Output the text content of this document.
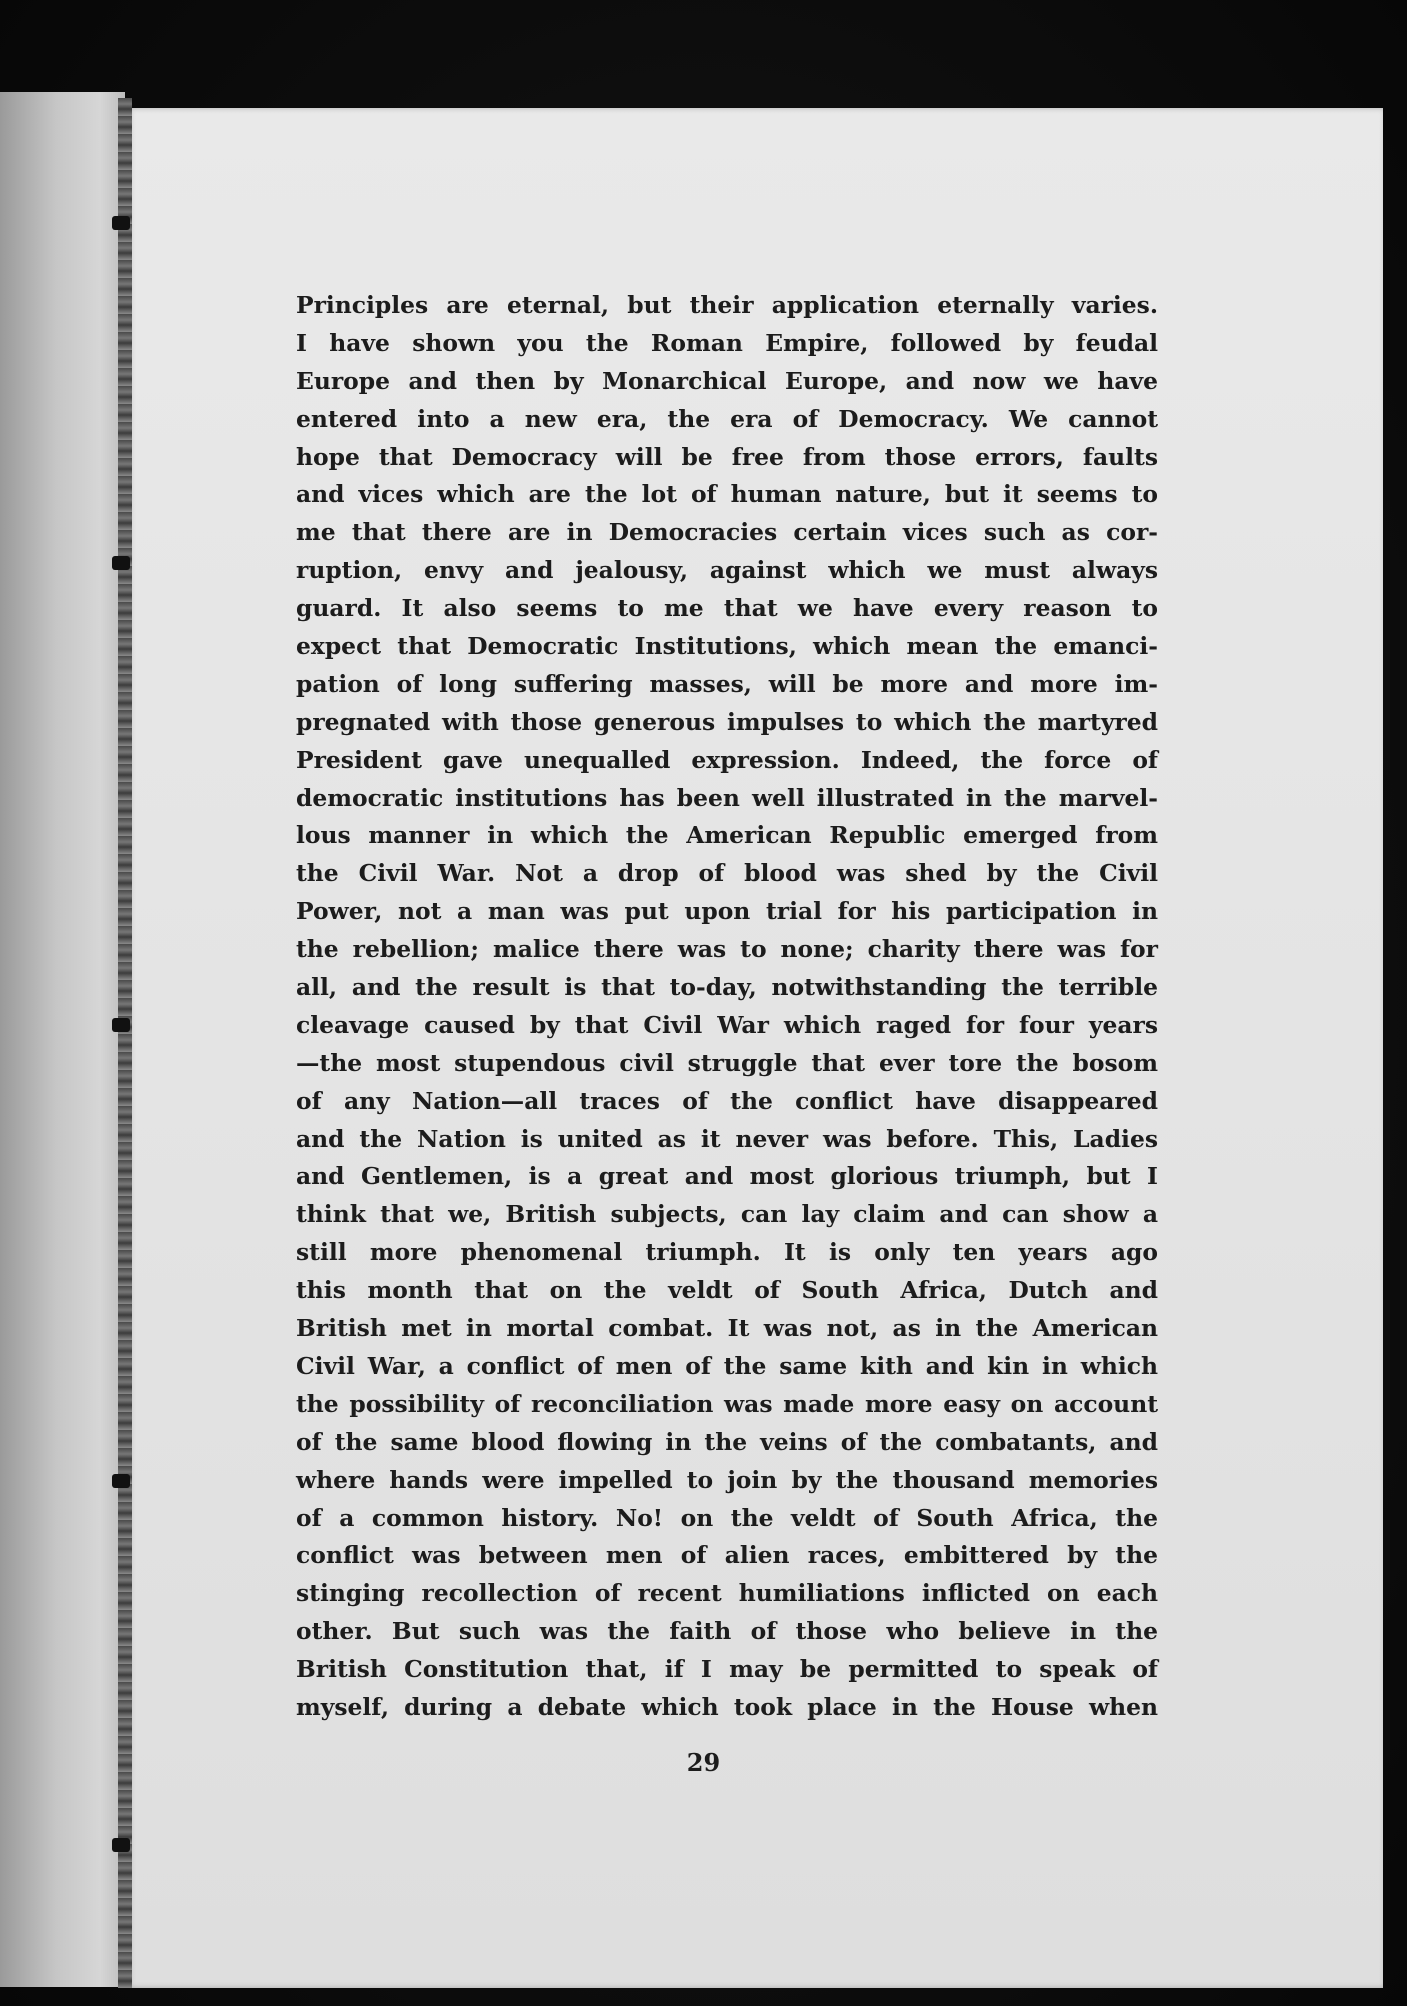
Principles are eternal, but their application eternally varies.
I have shown you the Roman Empire, followed by feudal
Europe and then by Monarchical Europe, and now we have
entered into a new era, the era of Democracy. We cannot
hope that Democracy will be free from those errors, faults
and vices which are the lot of human nature, but it seems to
me that there are in Democracies certain vices such as cor-
ruption, envy and jealousy, against which we must always
guard. It also seems to me that we have every reason to
expect that Democratic Institutions, which mean the emanci-
pation of long suffering masses, will be more and more im-
pregnated with those generous impulses to which the martyred
President gave unequalled expression. Indeed, the force of
democratic institutions has been well illustrated in the marvel-
lous manner in which the American Republic emerged from
the Civil War. Not a drop of blood was shed by the Civil
Power, not a man was put upon trial for his participation in
the rebellion; malice there was to none; charity there was for
all, and the result is that to-day, notwithstanding the terrible
cleavage caused by that Civil War which raged for four years
—the most stupendous civil struggle that ever tore the bosom
of any Nation—all traces of the conflict have disappeared
and the Nation is united as it never was before. This, Ladies
and Gentlemen, is a great and most glorious triumph, but I
think that we, British subjects, can lay claim and can show a
still more phenomenal triumph. It is only ten years ago
this month that on the veldt of South Africa, Dutch and
British met in mortal combat. It was not, as in the American
Civil War, a conflict of men of the same kith and kin in which
the possibility of reconciliation was made more easy on account
of the same blood flowing in the veins of the combatants, and
where hands were impelled to join by the thousand memories
of a common history. No! on the veldt of South Africa, the
conflict was between men of alien races, embittered by the
stinging recollection of recent humiliations inflicted on each
other. But such was the faith of those who believe in the
British Constitution that, if I may be permitted to speak of
myself, during a debate which took place in the House when

29
